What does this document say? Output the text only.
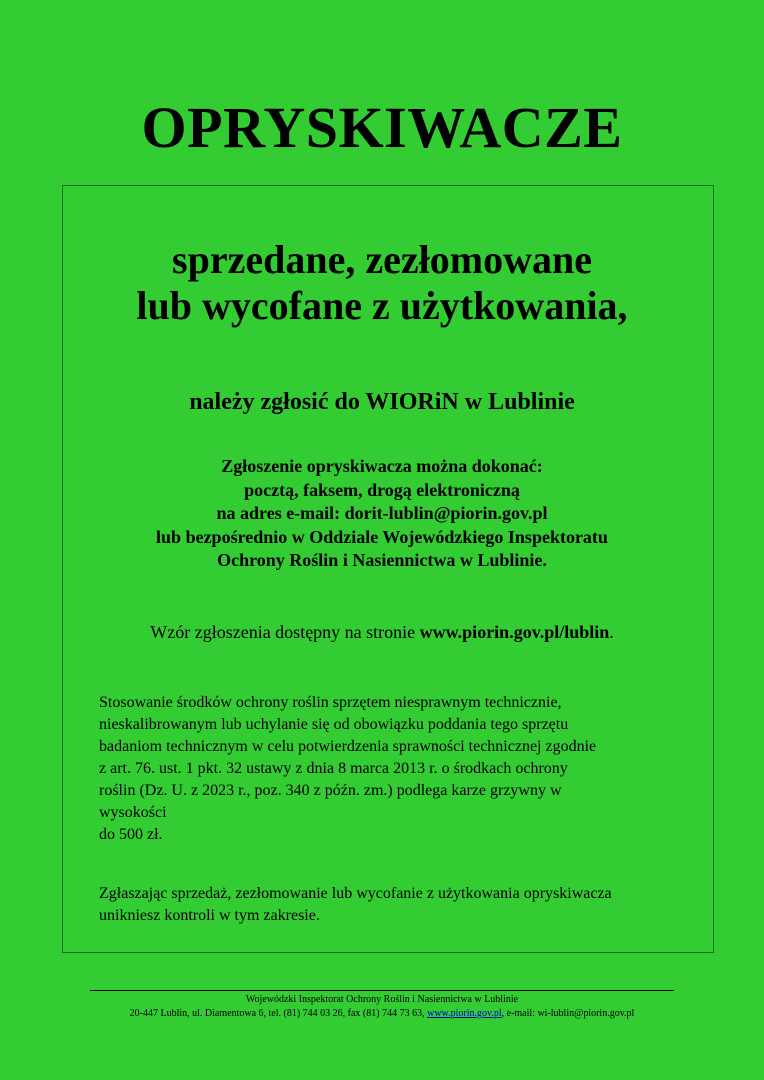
OPRYSKIWACZE
sprzedane, zezłomowane
lub wycofane z użytkowania,
należy zgłosić do WIORiN w Lublinie
Zgłoszenie opryskiwacza można dokonać:
pocztą, faksem, drogą elektroniczną
na adres e-mail: dorit-lublin@piorin.gov.pl
lub bezpośrednio w Oddziale Wojewódzkiego Inspektoratu
Ochrony Roślin i Nasiennictwa w Lublinie.
Wzór zgłoszenia dostępny na stronie www.piorin.gov.pl/lublin.
Stosowanie środków ochrony roślin sprzętem niesprawnym technicznie,
nieskalibrowanym lub uchylanie się od obowiązku poddania tego sprzętu
badaniom technicznym w celu potwierdzenia sprawności technicznej zgodnie
z art. 76. ust. 1 pkt. 32 ustawy z dnia 8 marca 2013 r. o środkach ochrony
roślin (Dz. U. z 2023 r., poz. 340 z późn. zm.) podlega karze grzywny w
wysokości
do 500 zł.
Zgłaszając sprzedaż, zezłomowanie lub wycofanie z użytkowania opryskiwacza
unikniesz kontroli w tym zakresie.
Wojewódzki Inspektorat Ochrony Roślin i Nasiennictwa w Lublinie
20-447 Lublin, ul. Diamentowa 6, tel. (81) 744 03 26, fax (81) 744 73 63, www.piorin.gov.pl, e-mail: wi-lublin@piorin.gov.pl
